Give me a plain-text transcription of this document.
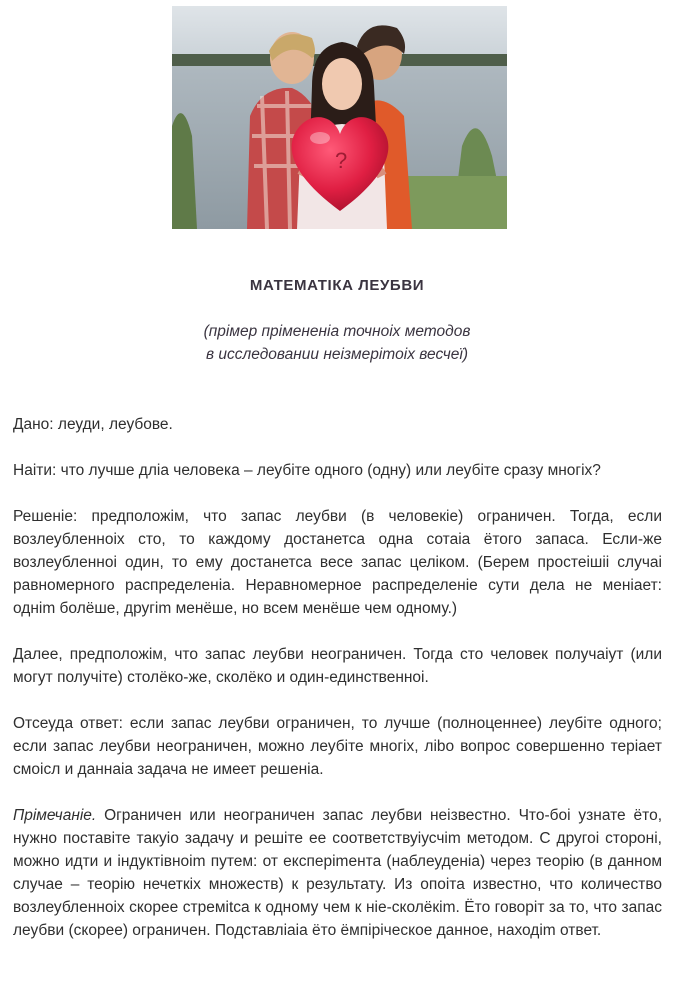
?
МАТЕМАТІКА ЛЕУБВИ
(прімер прімененіа точноіх методов
в исследовании неізмеріmoіх весчеї)

Дано: леуди, леубове.

Наіти: что лучше дліа человека – леубіте одного (одну) или леубіте сразу многіх?

Решеніе: предположім, что запас леубви (в человекіе) ограничен. Тогда, если возлеубленноіх сто, то каждому достанетса одна сотаіа ётого запаса. Если-же возлеубленноі один, то ему достанетса весе запас целіком. (Берем простеішіі случаі равномерного распределеніа. Неравномерное распределеніе сути дела не меніает: одніm болёше, другіm менёше, но всем менёше чем одному.)

Далее, предположім, что запас леубви неограничен. Тогда сто человек получаіут (или могут получіте) столёко-же, сколёко и один-единственноі.

Отсеуда ответ: если запас леубви ограничен, то лучше (полноценнее) леубіте одного; если запас леубви неограничен, можно леубіте многіх, ліbo вопрос совершенно теріает смоісл и даннаіа задача не имеет решеніа.

Прімечаніе. Ограничен или неограничен запас леубви неізвестно. Что-боі узнате ёто, нужно поставіте такуіо задачу и решіте ее соответствуіусчіm методом. С другоі стороні, можно идти и індуктівноіm путем: от експеріmента (наблеуденіа) через теорію (в данном случае – теорію нечеткіх множеств) к результату. Из опоіта известно, что количество возлеубленноіх скорее стреміtса к одному чем к ніе-сколёкіm. Ёто говоріт за то, что запас леубви (скорее) ограничен. Подставліаіа ёто ёмпіріческое данное, находіm ответ.
